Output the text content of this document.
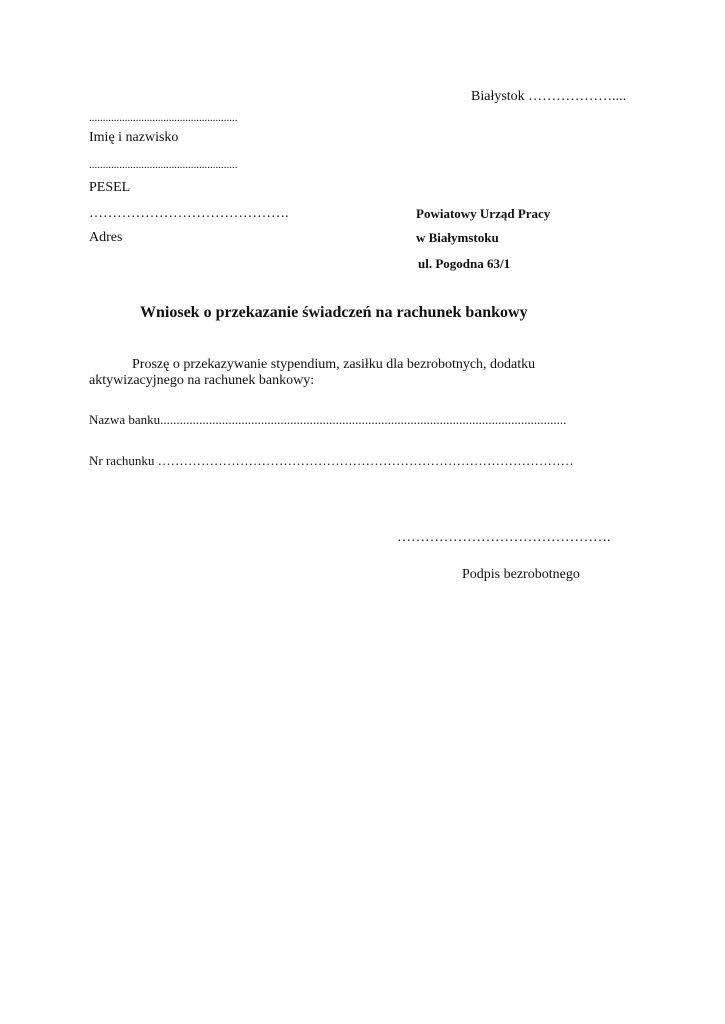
Białystok ………………....
......................................................
Imię i nazwisko
......................................................
PESEL
…………………………………….
Adres
Powiatowy Urząd Pracy
w Białymstoku
ul. Pogodna 63/1
Wniosek o przekazanie świadczeń na rachunek bankowy
Proszę o przekazywanie stypendium, zasiłku dla bezrobotnych, dodatku aktywizacyjnego na rachunek bankowy:
Nazwa banku.............................................................................................................................
Nr rachunku ……………………………………………………………………………………
……………………………………….
Podpis bezrobotnego
